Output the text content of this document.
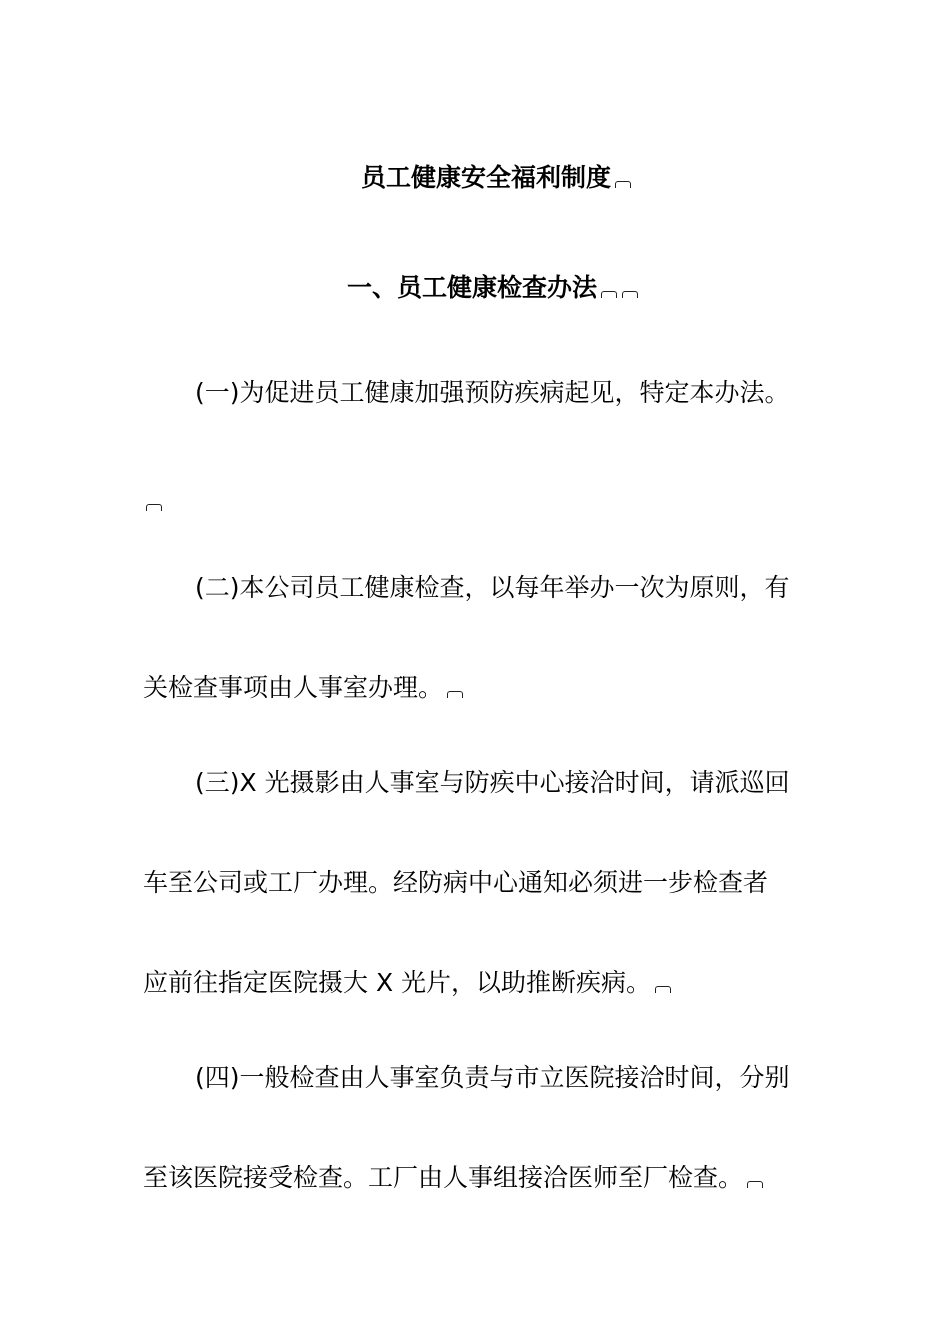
员工健康安全福利制度
一、员工健康检查办法
(一)为促进员工健康加强预防疾病起见，特定本办法。
(二)本公司员工健康检查，以每年举办一次为原则，有
关检查事项由人事室办理。
(三)X 光摄影由人事室与防疾中心接洽时间，请派巡回
车至公司或工厂办理。经防病中心通知必须进一步检查者
应前往指定医院摄大 X 光片，以助推断疾病。
(四)一般检查由人事室负责与市立医院接洽时间，分别
至该医院接受检查。工厂由人事组接洽医师至厂检查。
